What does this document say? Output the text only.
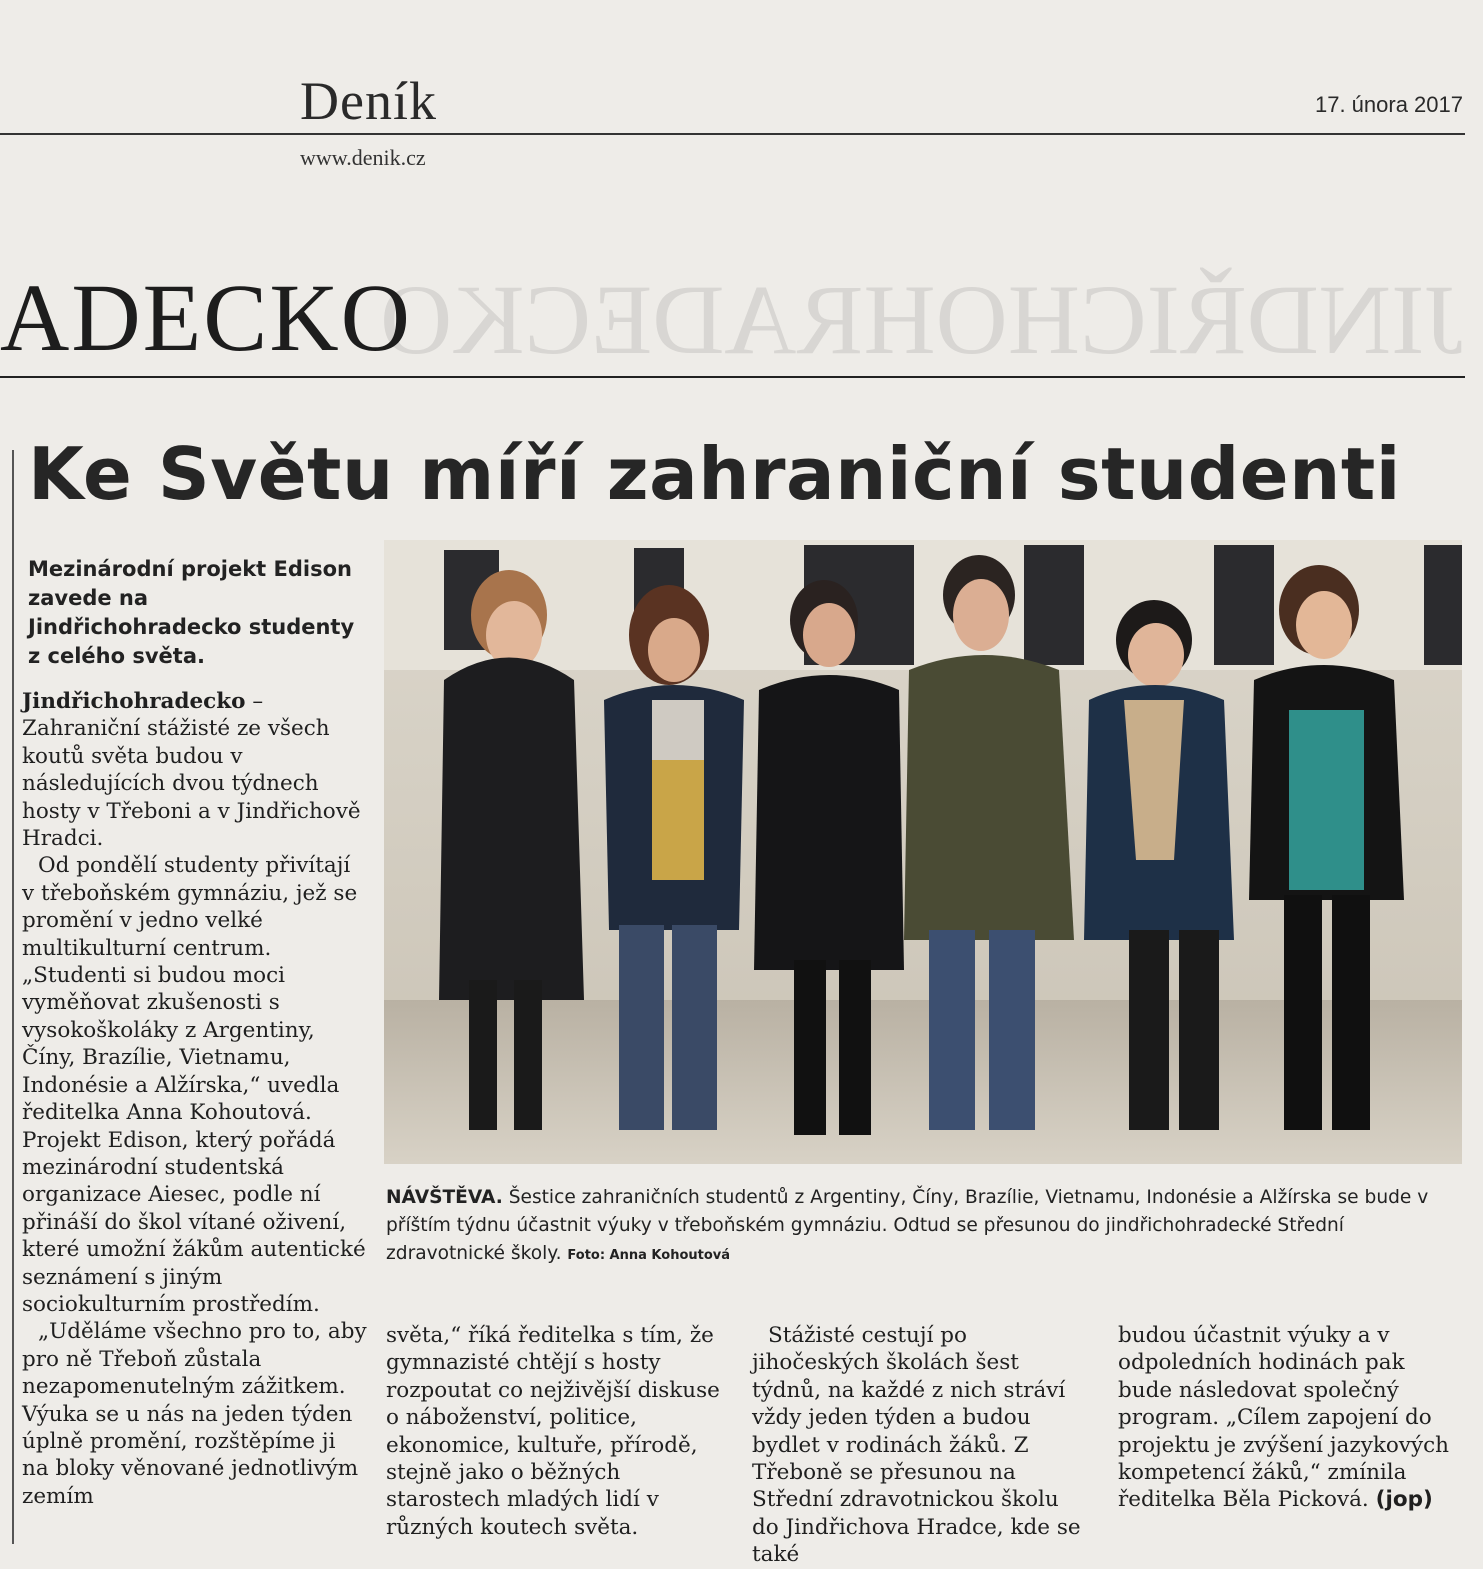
JINDŘICHOHRADECKO
Deník	17. února 2017
www.denik.cz
ADECKO
Ke Světu míří zahraniční studenti
Mezinárodní projekt Edison zavede na Jindřichohradecko studenty z celého světa.

Jindřichohradecko – Zahraniční stážisté ze všech koutů světa budou v následujících dvou týdnech hosty v Třeboni a v Jindřichově Hradci.

Od pondělí studenty přivítají v třeboňském gymnáziu, jež se promění v jedno velké multikulturní centrum. „Studenti si budou moci vyměňovat zkušenosti s vysokoškoláky z Argentiny, Číny, Brazílie, Vietnamu, Indonésie a Alžírska,“ uvedla ředitelka Anna Kohoutová. Projekt Edison, který pořádá mezinárodní studentská organizace Aiesec, podle ní přináší do škol vítané oživení, které umožní žákům autentické seznámení s jiným sociokulturním prostředím.

„Uděláme všechno pro to, aby pro ně Třeboň zůstala nezapomenutelným zážitkem. Výuka se u nás na jeden týden úplně promění, rozštěpíme ji na bloky věnované jednotlivým zemím

NÁVŠTĚVA. Šestice zahraničních studentů z Argentiny, Číny, Brazílie, Vietnamu, Indonésie a Alžírska se bude v příštím týdnu účastnit výuky v třeboňském gymnáziu. Odtud se přesunou do jindřichohradecké Střední zdravotnické školy. Foto: Anna Kohoutová

světa,“ říká ředitelka s tím, že gymnazisté chtějí s hosty rozpoutat co nejživější diskuse o náboženství, politice, ekonomice, kultuře, přírodě, stejně jako o běžných starostech mladých lidí v různých koutech světa.

Stážisté cestují po jihočeských školách šest týdnů, na každé z nich stráví vždy jeden týden a budou bydlet v rodinách žáků. Z Třeboně se přesunou na Střední zdravotnickou školu do Jindřichova Hradce, kde se také

budou účastnit výuky a v odpoledních hodinách pak bude následovat společný program. „Cílem zapojení do projektu je zvýšení jazykových kompetencí žáků,“ zmínila ředitelka Běla Picková. (jop)
